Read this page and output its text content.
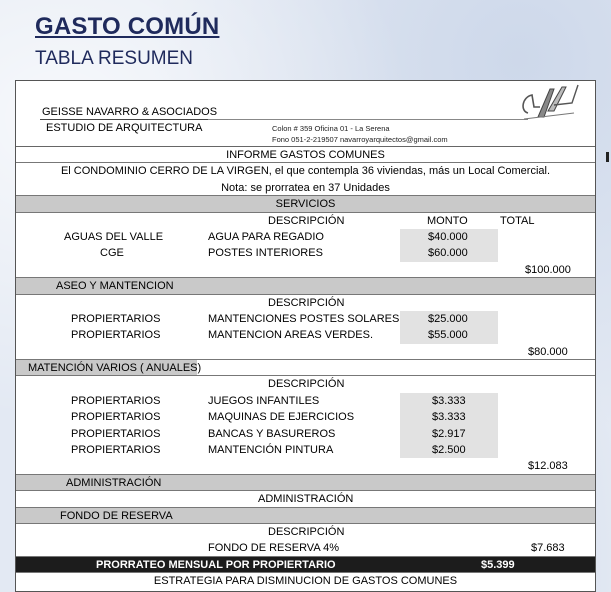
GASTO COMÚN
TABLA RESUMEN
GEISSE NAVARRO & ASOCIADOS
ESTUDIO DE ARQUITECTURA	Colon # 359 Oficina 01 - La Serena
Fono 051-2-219507 navarroyarquitectos@gmail.com
INFORME GASTOS COMUNES
El CONDOMINIO CERRO DE LA VIRGEN, el que contempla 36 viviendas, más un Local Comercial.
Nota: se prorratea en 37 Unidades
SERVICIOS
DESCRIPCIÓN	MONTO	TOTAL
AGUAS DEL VALLE	AGUA PARA REGADIO	$40.000
CGE	POSTES INTERIORES	$60.000
$100.000
ASEO Y MANTENCION
DESCRIPCIÓN
PROPIERTARIOS	MANTENCIONES POSTES SOLARES	$25.000
PROPIERTARIOS	MANTENCION AREAS VERDES.	$55.000
$80.000
MATENCIÓN VARIOS ( ANUALES)
DESCRIPCIÓN
PROPIERTARIOS	JUEGOS INFANTILES	$3.333
PROPIERTARIOS	MAQUINAS DE EJERCICIOS	$3.333
PROPIERTARIOS	BANCAS Y BASUREROS	$2.917
PROPIERTARIOS	MANTENCIÓN PINTURA	$2.500
$12.083
ADMINISTRACIÓN
ADMINISTRACIÓN
FONDO DE RESERVA
DESCRIPCIÓN
FONDO DE RESERVA 4%	$7.683
PRORRATEO MENSUAL POR PROPIERTARIO	$5.399
ESTRATEGIA PARA DISMINUCION DE GASTOS COMUNES
